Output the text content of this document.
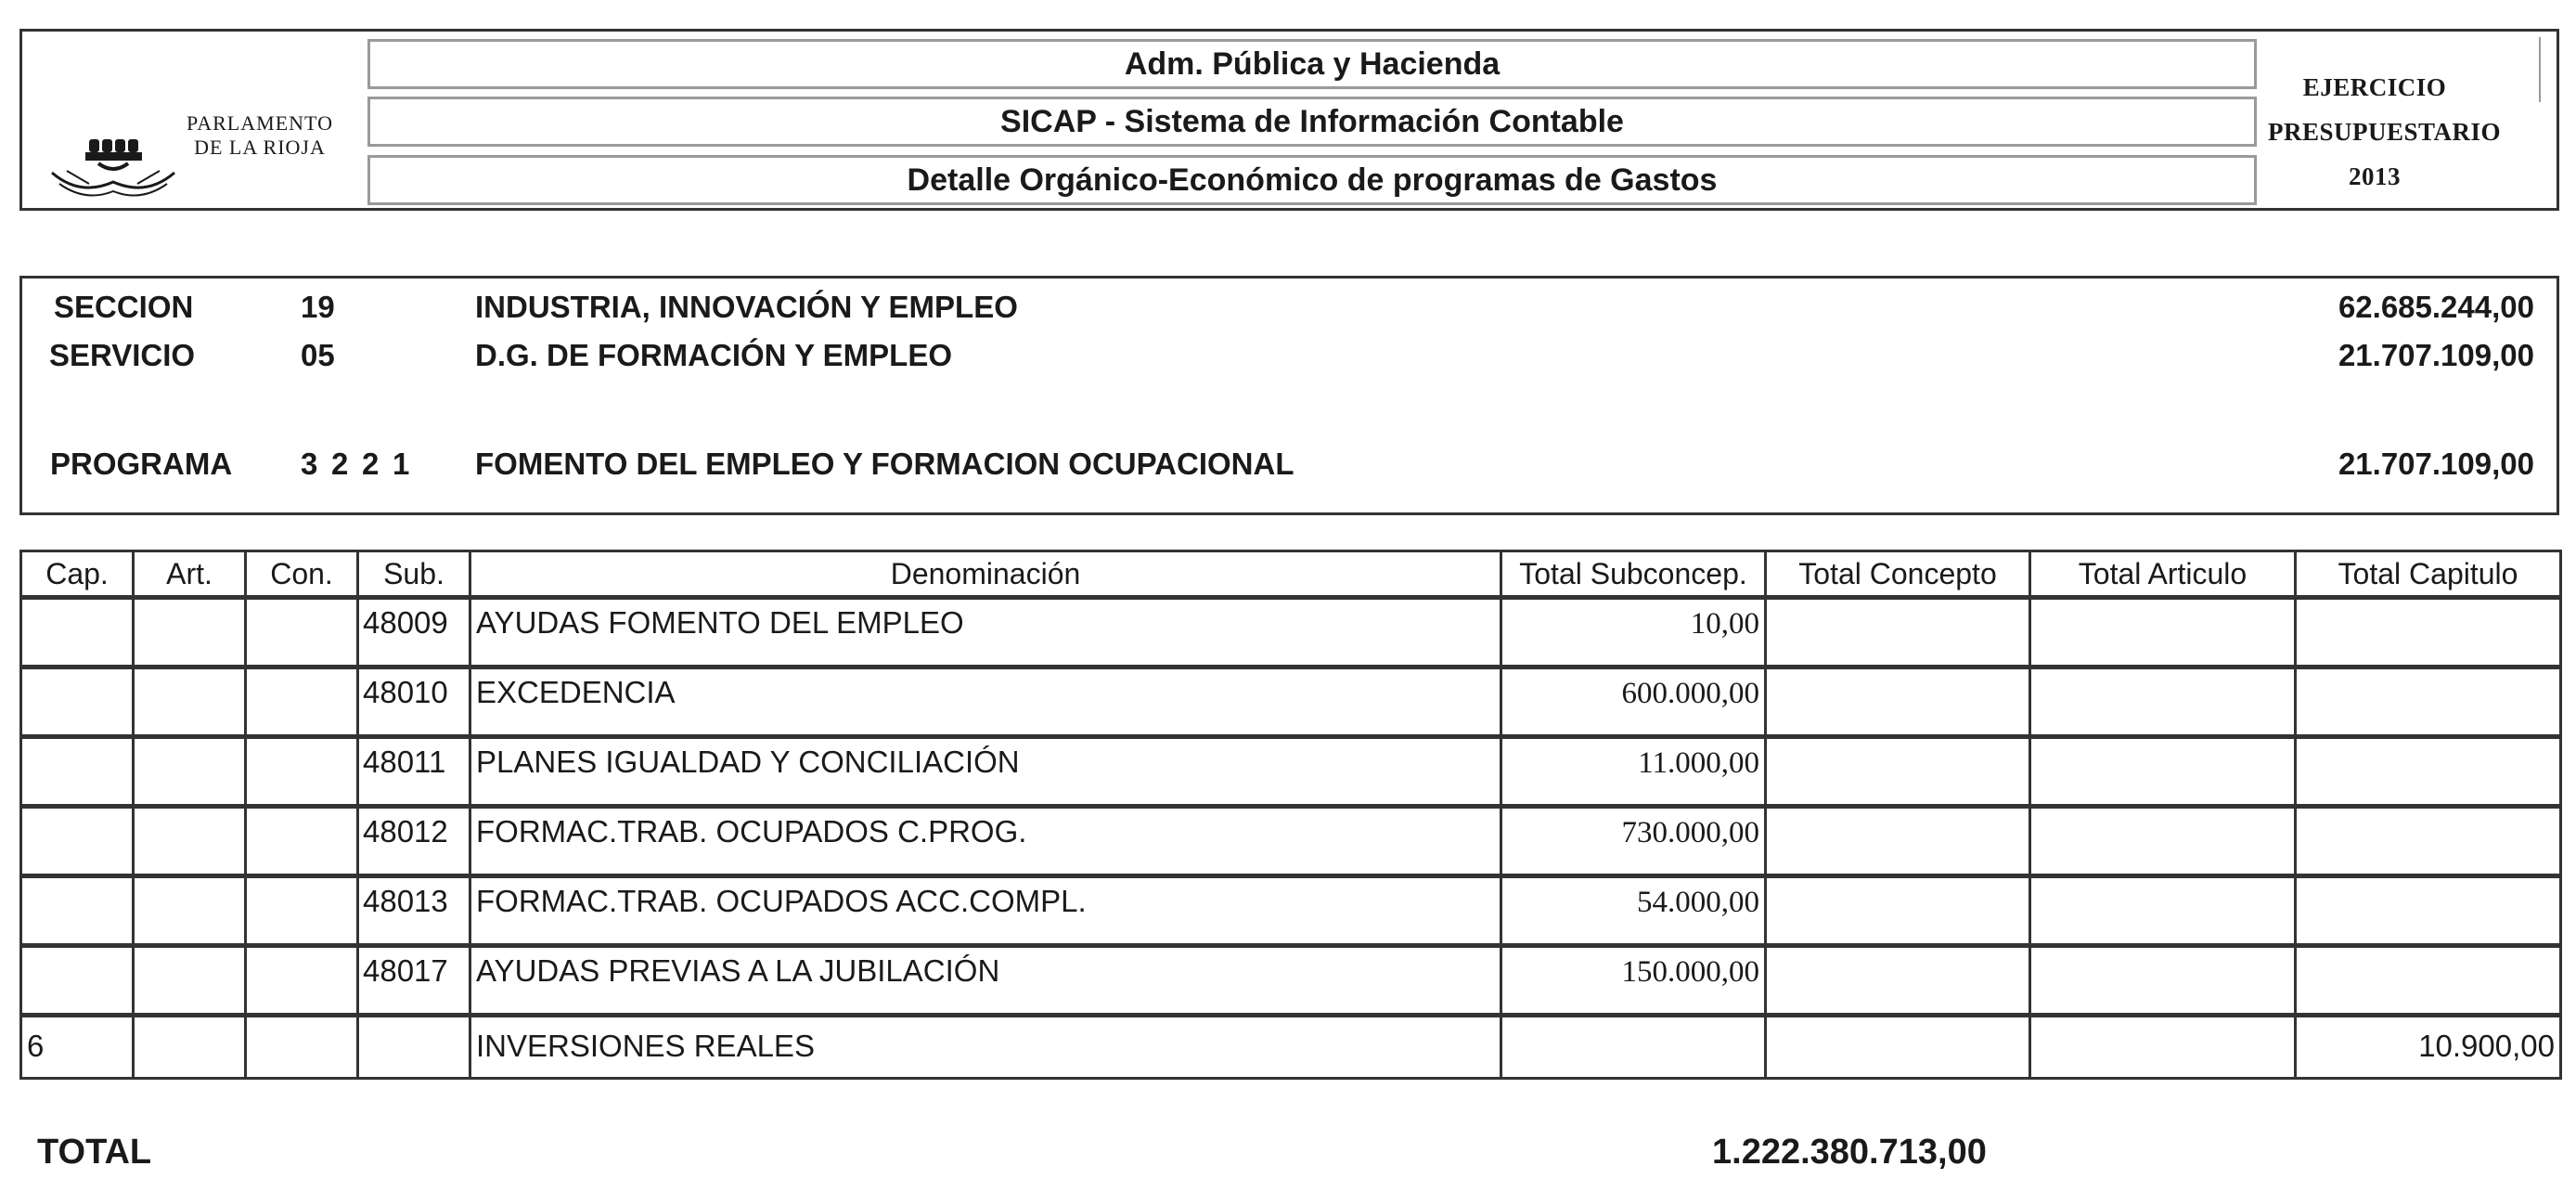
PARLAMENTO
DE LA RIOJA
Adm. Pública y Hacienda
SICAP - Sistema de Información Contable
Detalle Orgánico-Económico de programas de Gastos
EJERCICIO
PRESUPUESTARIO
2013
SECCION	19	INDUSTRIA, INNOVACIÓN Y EMPLEO	62.685.244,00
SERVICIO	05	D.G. DE FORMACIÓN Y EMPLEO	21.707.109,00
PROGRAMA 3 2 2 1	FOMENTO DEL EMPLEO Y FORMACION OCUPACIONAL	21.707.109,00
Cap.	Art.	Con.	Sub.	Denominación	Total Subconcep.	Total Concepto	Total Articulo	Total Capitulo
			48009	AYUDAS FOMENTO DEL EMPLEO	10,00			
			48010	EXCEDENCIA	600.000,00			
			48011	PLANES IGUALDAD Y CONCILIACIÓN	11.000,00			
			48012	FORMAC.TRAB. OCUPADOS C.PROG.	730.000,00			
			48013	FORMAC.TRAB. OCUPADOS ACC.COMPL.	54.000,00			
			48017	AYUDAS PREVIAS A LA JUBILACIÓN	150.000,00			
6				INVERSIONES REALES				10.900,00
TOTAL	1.222.380.713,00
